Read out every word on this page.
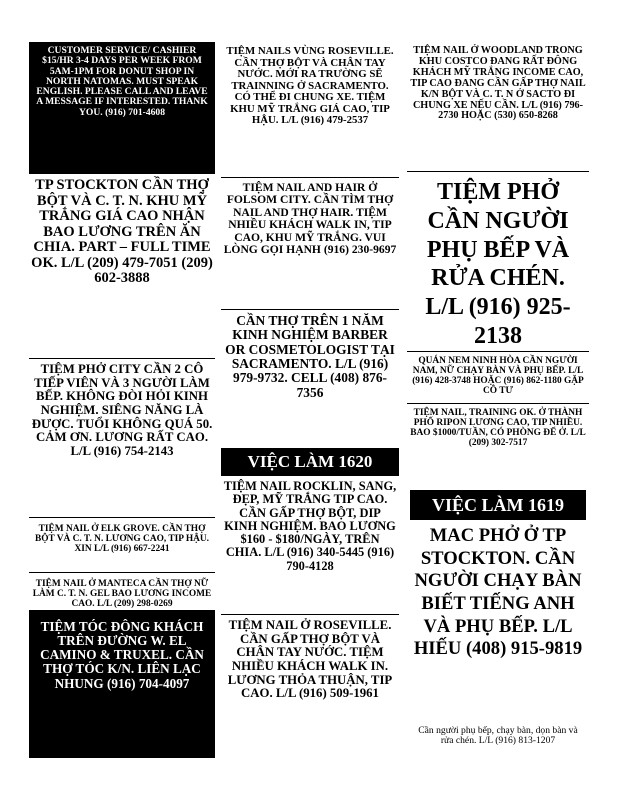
CUSTOMER SERVICE/ CASHIER $15/HR 3-4 DAYS PER WEEK FROM 5AM-1PM FOR DONUT SHOP IN NORTH NATOMAS. MUST SPEAK ENGLISH. PLEASE CALL AND LEAVE A MESSAGE IF INTERESTED. THANK YOU. (916) 701-4608
TP STOCKTON CẦN THỢ BỘT VÀ C. T. N. KHU MỸ TRẮNG GIÁ CAO NHẬN BAO LƯƠNG TRÊN ĂN CHIA. PART – FULL TIME OK. L/L (209) 479-7051 (209) 602-3888
TIỆM PHỞ CITY CẦN 2 CÔ TIẾP VIÊN VÀ 3 NGƯỜI LÀM BẾP. KHÔNG ĐÒI HỎI KINH NGHIỆM. SIÊNG NĂNG LÀ ĐƯỢC. TUỔI KHÔNG QUÁ 50. CẢM ƠN. LƯƠNG RẤT CAO. L/L (916) 754-2143
TIỆM NAIL Ở ELK GROVE. CẦN THỢ BỘT VÀ C. T. N. LƯƠNG CAO, TIP HẬU. XIN L/L (916) 667-2241
TIỆM NAIL Ở MANTECA CẦN THỢ NỮ LÀM C. T. N. GEL BAO LƯƠNG INCOME CAO. L/L (209) 298-0269
TIỆM TÓC ĐÔNG KHÁCH TRÊN ĐƯỜNG W. EL CAMINO & TRUXEL. CẦN THỢ TÓC K/N. LIÊN LẠC NHUNG (916) 704-4097
TIỆM NAILS VÙNG ROSEVILLE. CẦN THỢ BỘT VÀ CHÂN TAY NƯỚC. MỚI RA TRƯỜNG SẼ TRAINNING Ở SACRAMENTO. CÓ THỂ ĐI CHUNG XE. TIỆM KHU MỸ TRẮNG GIÁ CAO, TIP HẬU. L/L (916) 479-2537
TIỆM NAIL AND HAIR Ở FOLSOM CITY. CẦN TÌM THỢ NAIL AND THỢ HAIR. TIỆM NHIỀU KHÁCH WALK IN, TIP CAO, KHU MỸ TRẮNG. VUI LÒNG GỌI HẠNH (916) 230-9697
CẦN THỢ TRÊN 1 NĂM KINH NGHIỆM BARBER OR COSMETOLOGIST TẠI SACRAMENTO. L/L (916) 979-9732. CELL (408) 876-7356
VIỆC LÀM 1620
TIỆM NAIL ROCKLIN, SANG, ĐẸP, MỸ TRẮNG TIP CAO. CẦN GẤP THỢ BỘT, DIP KINH NGHIỆM. BAO LƯƠNG $160 - $180/NGÀY, TRÊN CHIA. L/L (916) 340-5445 (916) 790-4128
TIỆM NAIL Ở ROSEVILLE. CẦN GẤP THỢ BỘT VÀ CHÂN TAY NƯỚC. TIỆM NHIỀU KHÁCH WALK IN. LƯƠNG THỎA THUẬN, TIP CAO. L/L (916) 509-1961
TIỆM NAIL Ở WOODLAND TRONG KHU COSTCO ĐANG RẤT ĐÔNG KHÁCH MỸ TRẮNG INCOME CAO, TIP CAO ĐANG CẦN GẤP THỢ NAIL K/N BỘT VÀ C. T. N Ở SACTO ĐI CHUNG XE NẾU CẦN. L/L (916) 796-2730 HOẶC (530) 650-8268
TIỆM PHỞ CẦN NGƯỜI PHỤ BẾP VÀ RỬA CHÉN. L/L (916) 925-2138
QUÁN NEM NINH HÒA CẦN NGƯỜI NAM, NỮ CHẠY BÀN VÀ PHỤ BẾP. L/L (916) 428-3748 HOẶC (916) 862-1180 GẶP CÔ TƯ
TIỆM NAIL, TRAINING OK. Ở THÀNH PHỐ RIPON LƯƠNG CAO, TIP NHIỀU. BAO $1000/TUẦN, CÓ PHÒNG ĐỂ Ở. L/L (209) 302-7517
VIỆC LÀM 1619
MAC PHỞ Ở TP STOCKTON. CẦN NGƯỜI CHẠY BÀN BIẾT TIẾNG ANH VÀ PHỤ BẾP. L/L HIẾU (408) 915-9819
Cần người phụ bếp, chạy bàn, dọn bàn và rửa chén. L/L (916) 813-1207
